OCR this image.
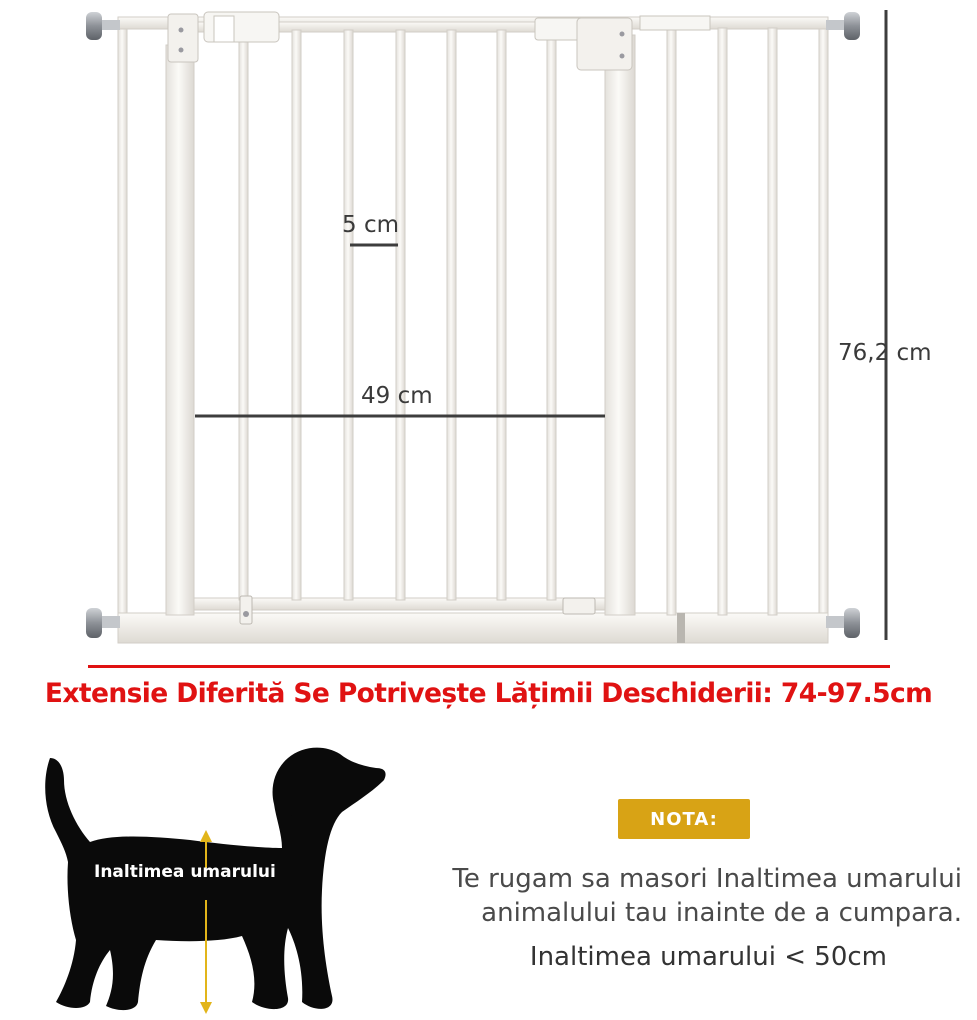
5 cm
49 cm
76,2 cm
Extensie Diferită Se Potrivește Lățimii Deschiderii: 74-97.5cm
Inaltimea umarului
NOTA:
Te rugam sa masori Inaltimea umarului
animalului tau inainte de a cumpara.
Inaltimea umarului < 50cm
